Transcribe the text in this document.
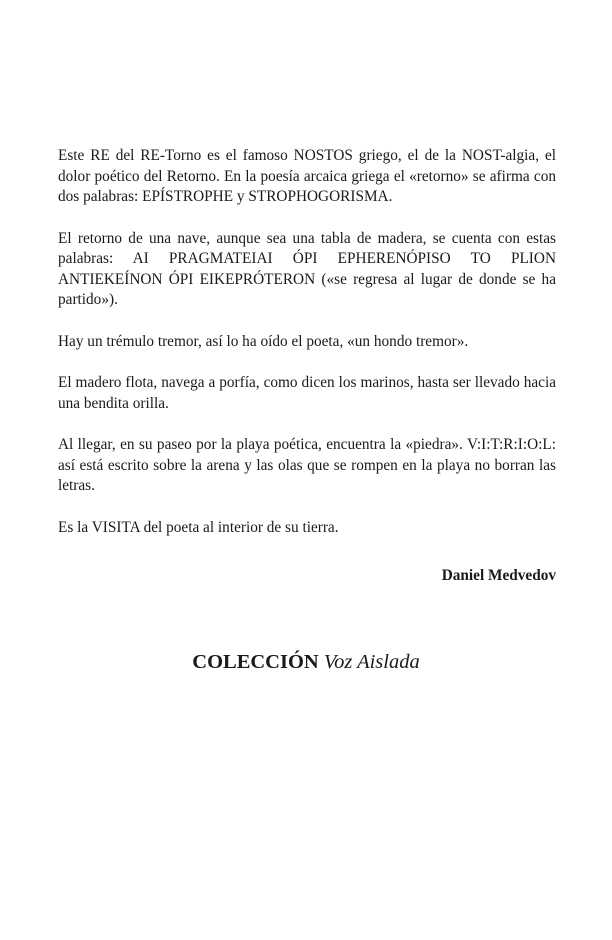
Este RE del RE-Torno es el famoso NOSTOS griego, el de la NOST-algia, el dolor poético del Retorno. En la poesía arcaica griega el «retorno» se afirma con dos palabras: EPÍSTROPHE y STROPHOGORISMA.

El retorno de una nave, aunque sea una tabla de madera, se cuenta con estas palabras: AI PRAGMATEIAI ÓPI EPHERENÓPISO TO PLION ANTIEKEÍNON ÓPI EIKEPRÓTERON («se regresa al lugar de donde se ha partido»).

Hay un trémulo tremor, así lo ha oído el poeta, «un hondo tremor».

El madero flota, navega a porfía, como dicen los marinos, hasta ser llevado hacia una bendita orilla.

Al llegar, en su paseo por la playa poética, encuentra la «piedra». V:I:T:R:I:O:L: así está escrito sobre la arena y las olas que se rompen en la playa no borran las letras.

Es la VISITA del poeta al interior de su tierra.

Daniel Medvedov

COLECCIÓN Voz Aislada
